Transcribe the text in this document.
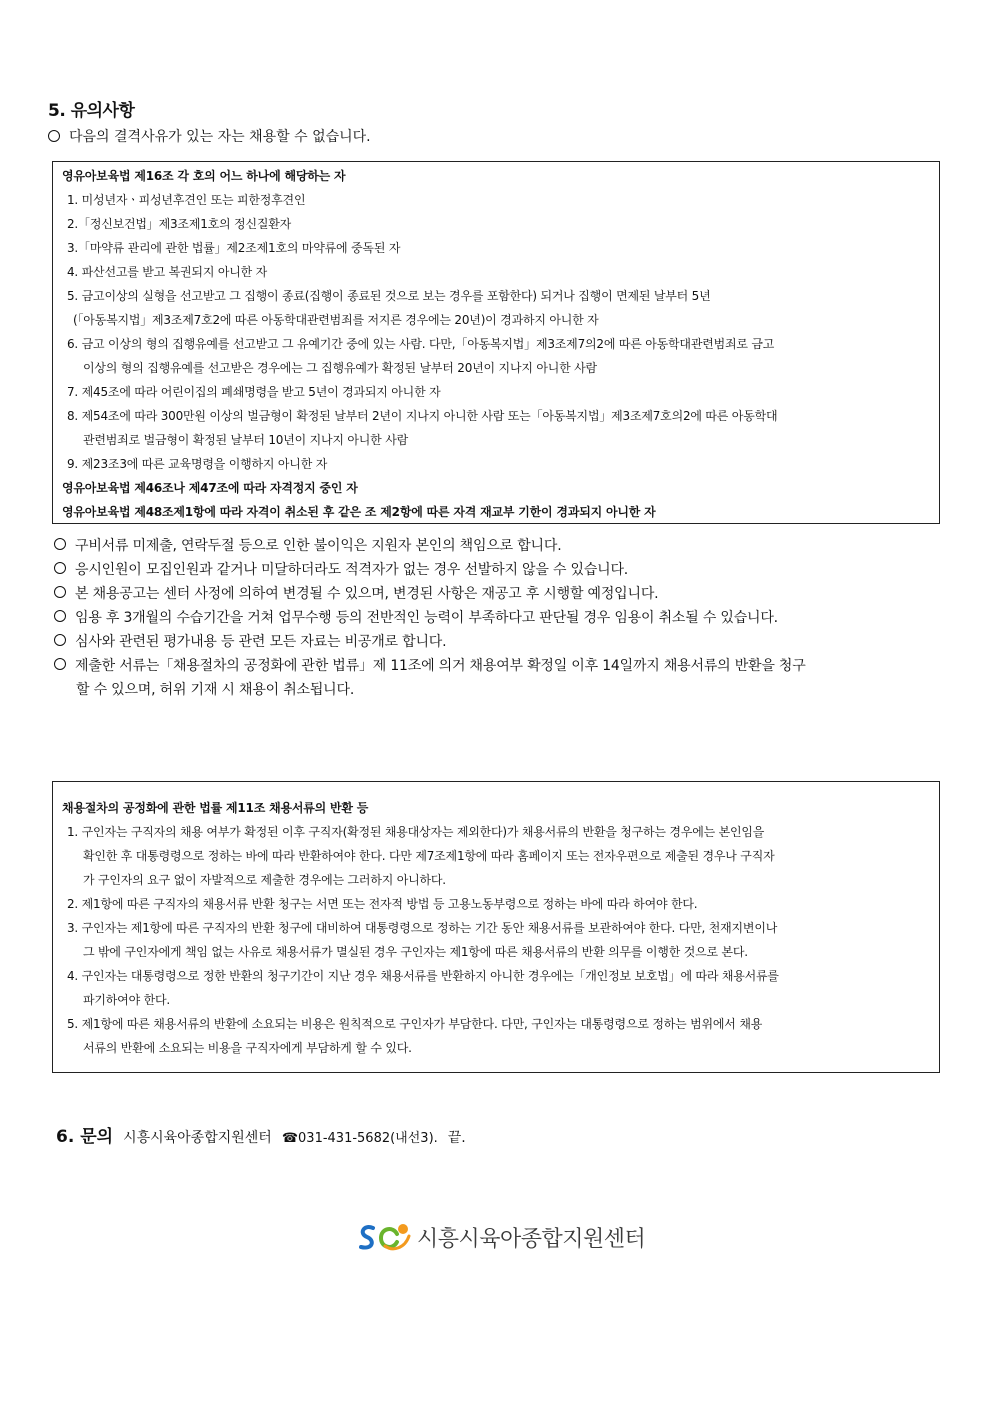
5. 유의사항
다음의 결격사유가 있는 자는 채용할 수 없습니다.
영유아보육법 제16조 각 호의 어느 하나에 해당하는 자
1. 미성년자ㆍ피성년후견인 또는 피한정후견인
2.「정신보건법」제3조제1호의 정신질환자
3.「마약류 관리에 관한 법률」제2조제1호의 마약류에 중독된 자
4. 파산선고를 받고 복권되지 아니한 자
5. 금고이상의 실형을 선고받고 그 집행이 종료(집행이 종료된 것으로 보는 경우를 포함한다) 되거나 집행이 면제된 날부터 5년
(「아동복지법」제3조제7호2에 따른 아동학대관련범죄를 저지른 경우에는 20년)이 경과하지 아니한 자
6. 금고 이상의 형의 집행유예를 선고받고 그 유예기간 중에 있는 사람. 다만,「아동복지법」제3조제7의2에 따른 아동학대관련범죄로 금고
이상의 형의 집행유예를 선고받은 경우에는 그 집행유예가 확정된 날부터 20년이 지나지 아니한 사람
7. 제45조에 따라 어린이집의 폐쇄명령을 받고 5년이 경과되지 아니한 자
8. 제54조에 따라 300만원 이상의 벌금형이 확정된 날부터 2년이 지나지 아니한 사람 또는「아동복지법」제3조제7호의2에 따른 아동학대
관련범죄로 벌금형이 확정된 날부터 10년이 지나지 아니한 사람
9. 제23조3에 따른 교육명령을 이행하지 아니한 자
영유아보육법 제46조나 제47조에 따라 자격정지 중인 자
영유아보육법 제48조제1항에 따라 자격이 취소된 후 같은 조 제2항에 따른 자격 재교부 기한이 경과되지 아니한 자
구비서류 미제출, 연락두절 등으로 인한 불이익은 지원자 본인의 책임으로 합니다.
응시인원이 모집인원과 같거나 미달하더라도 적격자가 없는 경우 선발하지 않을 수 있습니다.
본 채용공고는 센터 사정에 의하여 변경될 수 있으며, 변경된 사항은 재공고 후 시행할 예정입니다.
임용 후 3개월의 수습기간을 거쳐 업무수행 등의 전반적인 능력이 부족하다고 판단될 경우 임용이 취소될 수 있습니다.
심사와 관련된 평가내용 등 관련 모든 자료는 비공개로 합니다.
제출한 서류는「채용절차의 공정화에 관한 법류」제 11조에 의거 채용여부 확정일 이후 14일까지 채용서류의 반환을 청구
할 수 있으며, 허위 기재 시 채용이 취소됩니다.
채용절차의 공정화에 관한 법률 제11조 채용서류의 반환 등
1. 구인자는 구직자의 채용 여부가 확정된 이후 구직자(확정된 채용대상자는 제외한다)가 채용서류의 반환을 청구하는 경우에는 본인임을
확인한 후 대통령령으로 정하는 바에 따라 반환하여야 한다. 다만 제7조제1항에 따라 홈페이지 또는 전자우편으로 제출된 경우나 구직자
가 구인자의 요구 없이 자발적으로 제출한 경우에는 그러하지 아니하다.
2. 제1항에 따른 구직자의 채용서류 반환 청구는 서면 또는 전자적 방법 등 고용노동부령으로 정하는 바에 따라 하여야 한다.
3. 구인자는 제1항에 따른 구직자의 반환 청구에 대비하여 대통령령으로 정하는 기간 동안 채용서류를 보관하여야 한다. 다만, 천재지변이나
그 밖에 구인자에게 책임 없는 사유로 채용서류가 멸실된 경우 구인자는 제1항에 따른 채용서류의 반환 의무를 이행한 것으로 본다.
4. 구인자는 대통령령으로 정한 반환의 청구기간이 지난 경우 채용서류를 반환하지 아니한 경우에는「개인정보 보호법」에 따라 채용서류를
파기하여야 한다.
5. 제1항에 따른 채용서류의 반환에 소요되는 비용은 원칙적으로 구인자가 부담한다. 다만, 구인자는 대통령령으로 정하는 범위에서 채용
서류의 반환에 소요되는 비용을 구직자에게 부담하게 할 수 있다.
6. 문의 시흥시육아종합지원센터 ☎031-431-5682(내선3). 끝.
시흥시육아종합지원센터
